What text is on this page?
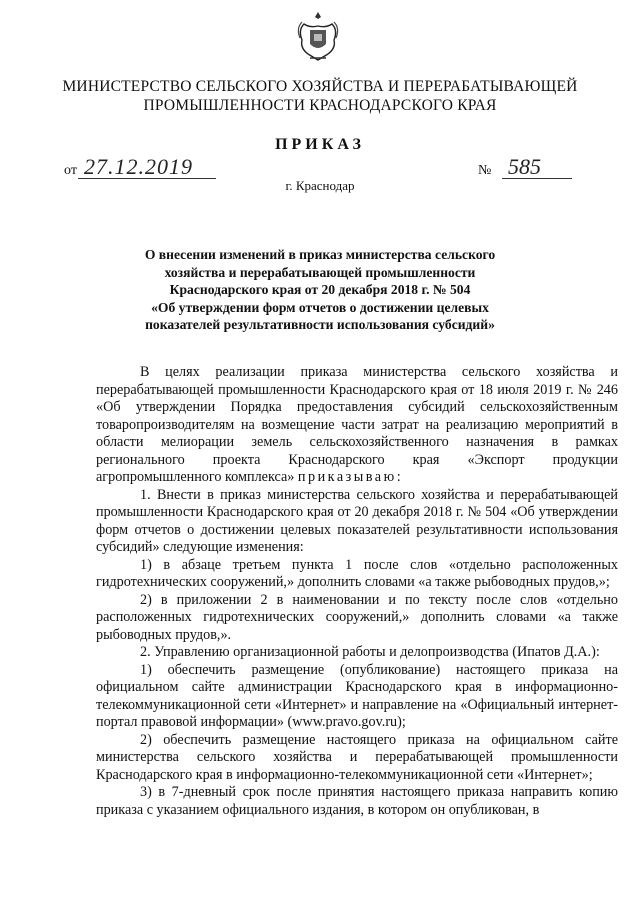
МИНИСТЕРСТВО СЕЛЬСКОГО ХОЗЯЙСТВА И ПЕРЕРАБАТЫВАЮЩЕЙ
ПРОМЫШЛЕННОСТИ КРАСНОДАРСКОГО КРАЯ
ПРИКАЗ
от 27.12.2019	№ 585
г. Краснодар
О внесении изменений в приказ министерства сельского
хозяйства и перерабатывающей промышленности
Краснодарского края от 20 декабря 2018 г. № 504
«Об утверждении форм отчетов о достижении целевых
показателей результативности использования субсидий»

В целях реализации приказа министерства сельского хозяйства и перерабатывающей промышленности Краснодарского края от 18 июля 2019 г. № 246 «Об утверждении Порядка предоставления субсидий сельскохозяйственным товаропроизводителям на возмещение части затрат на реализацию мероприятий в области мелиорации земель сельскохозяйственного назначения в рамках регионального проекта Краснодарского края «Экспорт продукции агропромышленного комплекса» приказываю:

1. Внести в приказ министерства сельского хозяйства и перерабатывающей промышленности Краснодарского края от 20 декабря 2018 г. № 504 «Об утверждении форм отчетов о достижении целевых показателей результативности использования субсидий» следующие изменения:

1) в абзаце третьем пункта 1 после слов «отдельно расположенных гидротехнических сооружений,» дополнить словами «а также рыбоводных прудов,»;

2) в приложении 2 в наименовании и по тексту после слов «отдельно расположенных гидротехнических сооружений,» дополнить словами «а также рыбоводных прудов,».

2. Управлению организационной работы и делопроизводства (Ипатов Д.А.):

1) обеспечить размещение (опубликование) настоящего приказа на официальном сайте администрации Краснодарского края в информационно-телекоммуникационной сети «Интернет» и направление на «Официальный интернет-портал правовой информации» (www.pravo.gov.ru);

2) обеспечить размещение настоящего приказа на официальном сайте министерства сельского хозяйства и перерабатывающей промышленности Краснодарского края в информационно-телекоммуникационной сети «Интернет»;

3) в 7-дневный срок после принятия настоящего приказа направить копию приказа с указанием официального издания, в котором он опубликован, в
